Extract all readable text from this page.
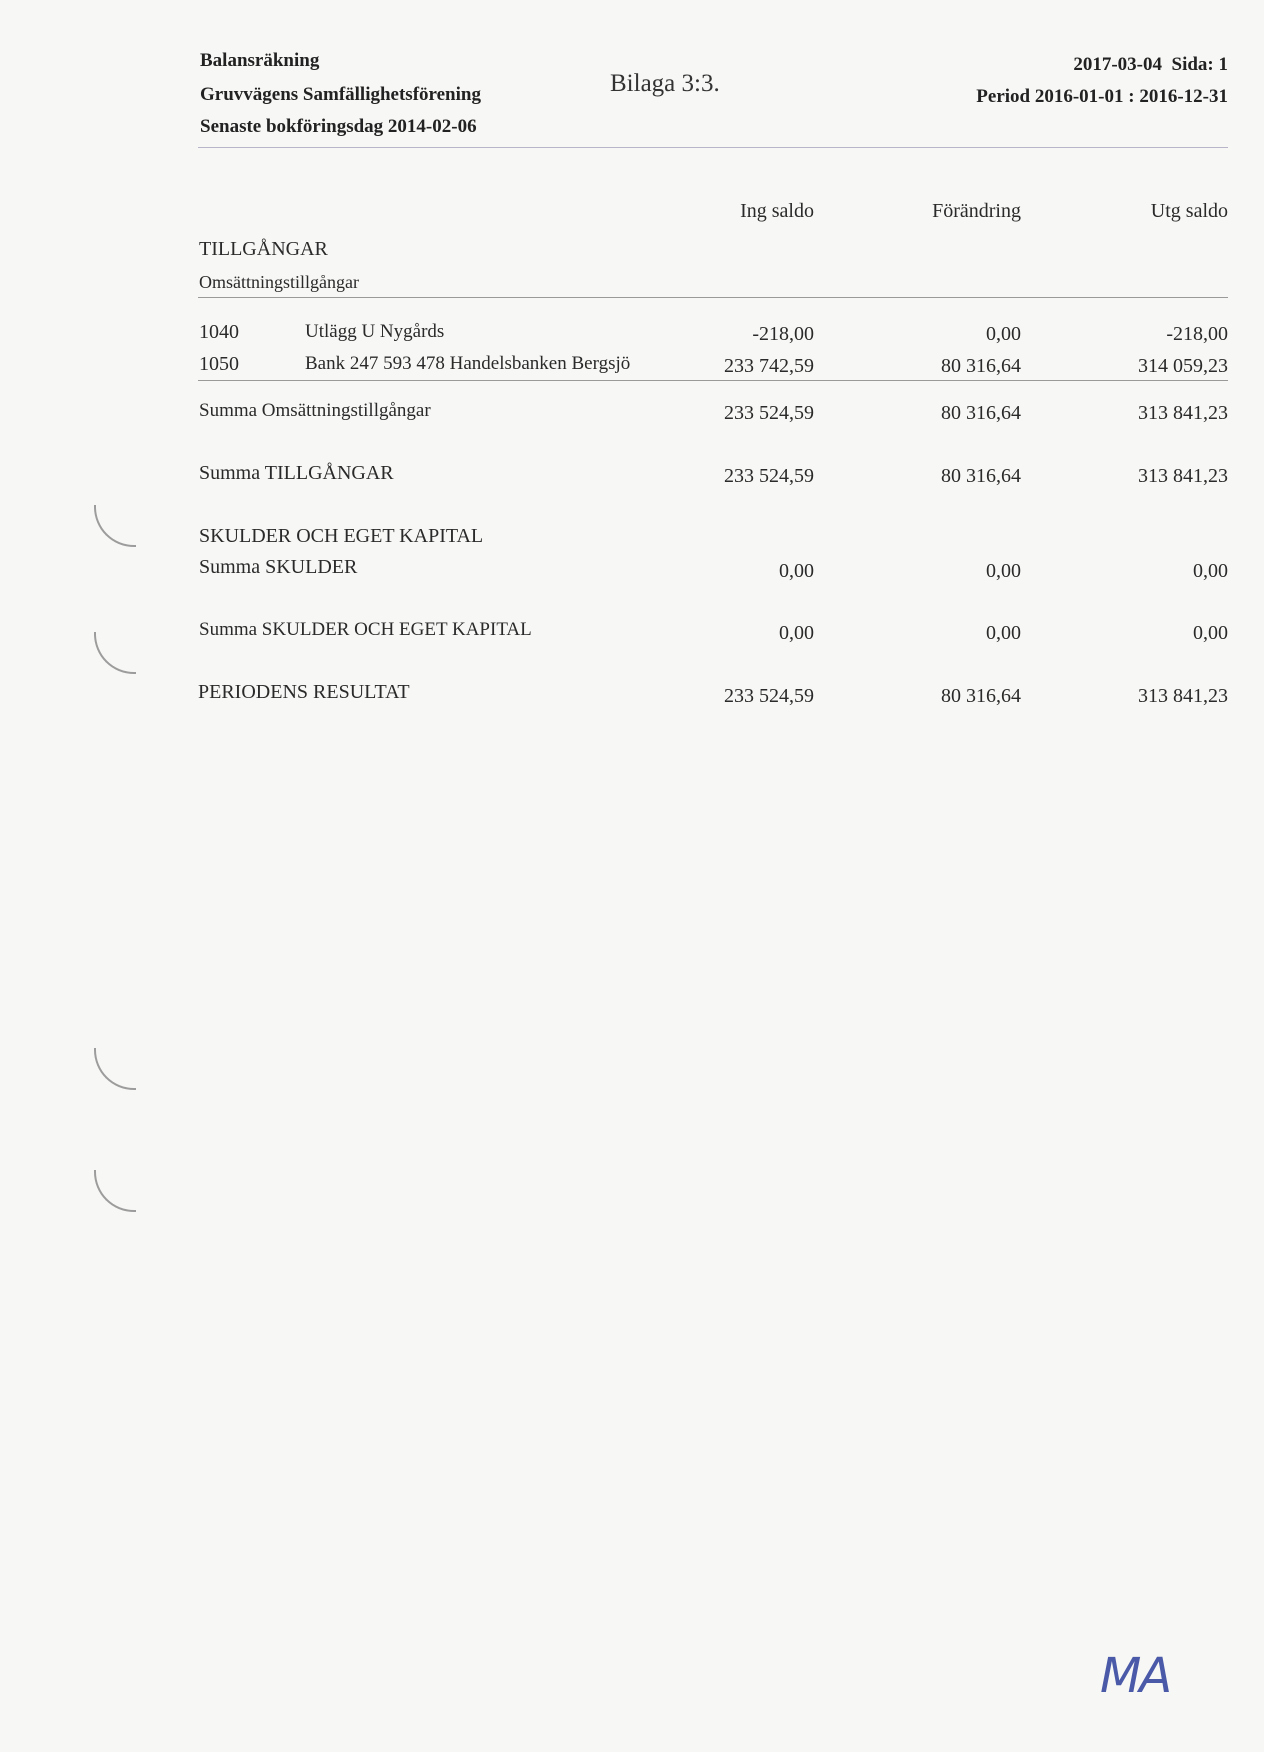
Balansräkning
Gruvvägens Samfällighetsförening
Senaste bokföringsdag 2014-02-06
Bilaga 3:3.
2017-03-04  Sida: 1
Period 2016-01-01 : 2016-12-31
Ing saldo	Förändring	Utg saldo
TILLGÅNGAR
Omsättningstillgångar
1040	Utlägg U Nygårds	-218,00	0,00	-218,00
1050	Bank 247 593 478 Handelsbanken Bergsjö	233 742,59	80 316,64	314 059,23
Summa Omsättningstillgångar	233 524,59	80 316,64	313 841,23
Summa TILLGÅNGAR	233 524,59	80 316,64	313 841,23
SKULDER OCH EGET KAPITAL
Summa SKULDER	0,00	0,00	0,00
Summa SKULDER OCH EGET KAPITAL	0,00	0,00	0,00
PERIODENS RESULTAT	233 524,59	80 316,64	313 841,23
MA
